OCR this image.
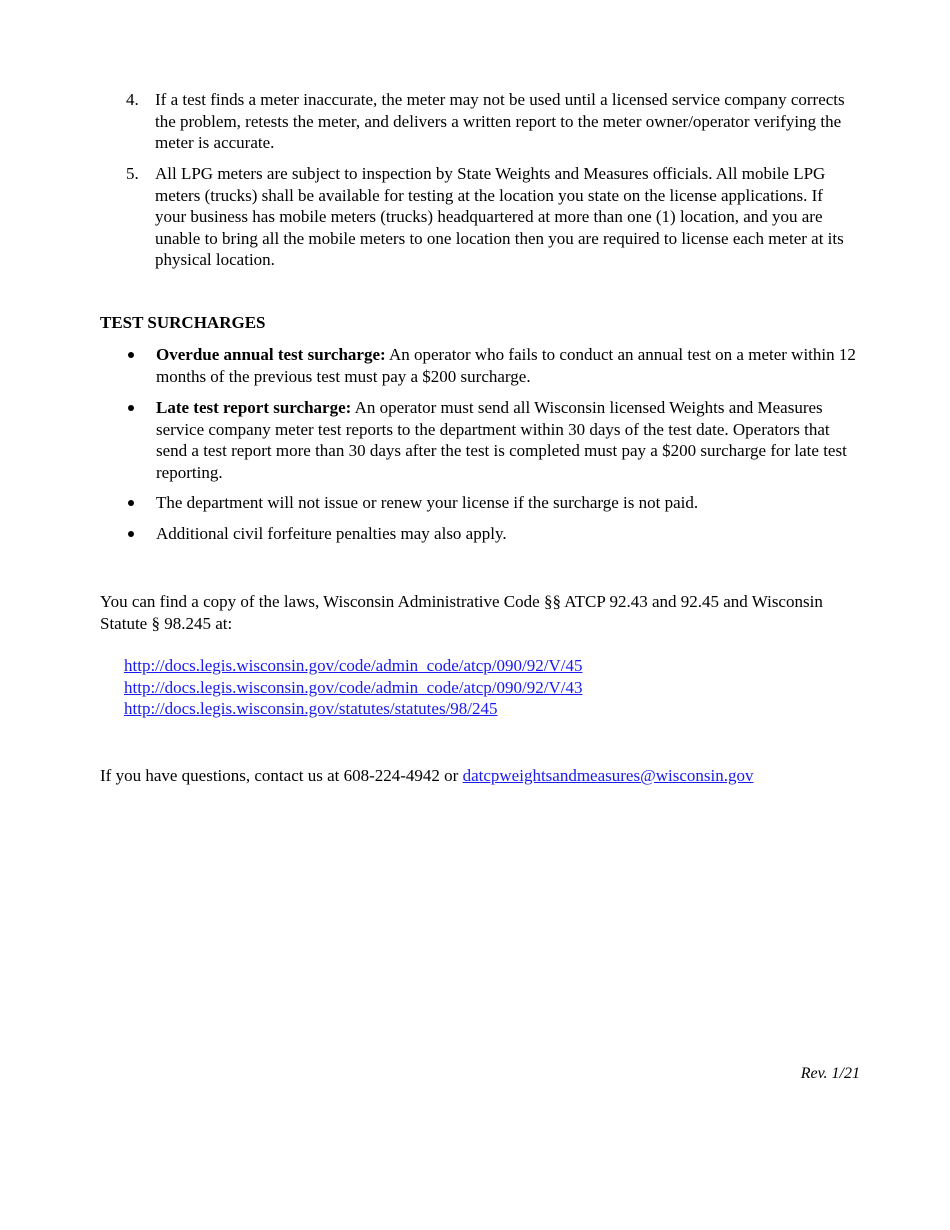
4. If a test finds a meter inaccurate, the meter may not be used until a licensed service company corrects the problem, retests the meter, and delivers a written report to the meter owner/operator verifying the meter is accurate.
5. All LPG meters are subject to inspection by State Weights and Measures officials. All mobile LPG meters (trucks) shall be available for testing at the location you state on the license applications. If your business has mobile meters (trucks) headquartered at more than one (1) location, and you are unable to bring all the mobile meters to one location then you are required to license each meter at its physical location.
TEST SURCHARGES
Overdue annual test surcharge: An operator who fails to conduct an annual test on a meter within 12 months of the previous test must pay a $200 surcharge.
Late test report surcharge: An operator must send all Wisconsin licensed Weights and Measures service company meter test reports to the department within 30 days of the test date. Operators that send a test report more than 30 days after the test is completed must pay a $200 surcharge for late test reporting.
The department will not issue or renew your license if the surcharge is not paid.
Additional civil forfeiture penalties may also apply.
You can find a copy of the laws, Wisconsin Administrative Code §§ ATCP 92.43 and 92.45 and Wisconsin Statute § 98.245 at:
http://docs.legis.wisconsin.gov/code/admin_code/atcp/090/92/V/45
http://docs.legis.wisconsin.gov/code/admin_code/atcp/090/92/V/43
http://docs.legis.wisconsin.gov/statutes/statutes/98/245
If you have questions, contact us at 608-224-4942 or datcpweightsandmeasures@wisconsin.gov
Rev. 1/21
